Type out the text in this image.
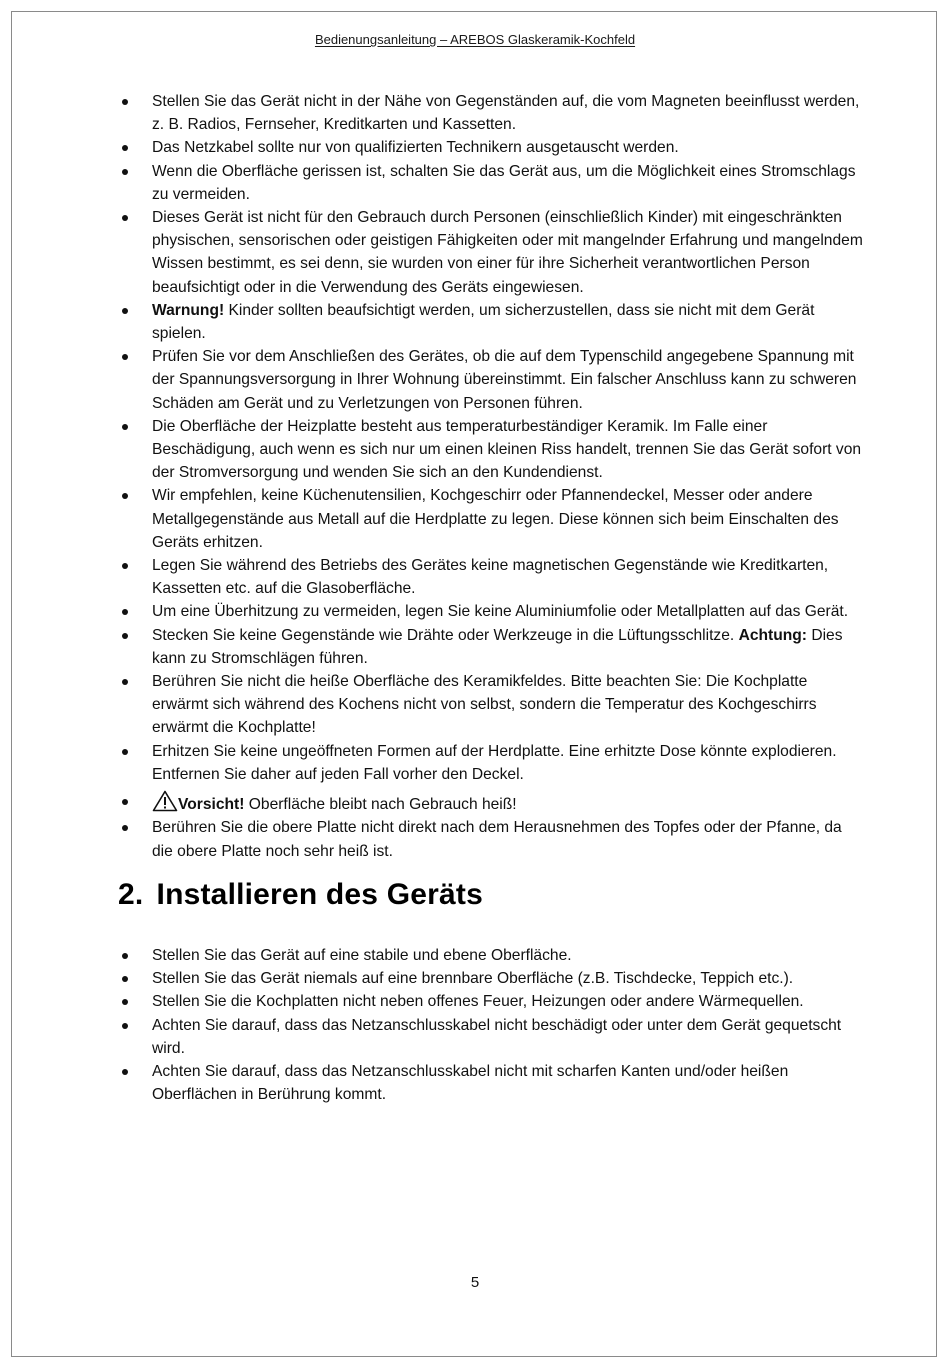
Bedienungsanleitung – AREBOS Glaskeramik-Kochfeld
Stellen Sie das Gerät nicht in der Nähe von Gegenständen auf, die vom Magneten beeinflusst werden, z. B. Radios, Fernseher, Kreditkarten und Kassetten.
Das Netzkabel sollte nur von qualifizierten Technikern ausgetauscht werden.
Wenn die Oberfläche gerissen ist, schalten Sie das Gerät aus, um die Möglichkeit eines Stromschlags zu vermeiden.
Dieses Gerät ist nicht für den Gebrauch durch Personen (einschließlich Kinder) mit eingeschränkten physischen, sensorischen oder geistigen Fähigkeiten oder mit mangelnder Erfahrung und mangelndem Wissen bestimmt, es sei denn, sie wurden von einer für ihre Sicherheit verantwortlichen Person beaufsichtigt oder in die Verwendung des Geräts eingewiesen.
Warnung! Kinder sollten beaufsichtigt werden, um sicherzustellen, dass sie nicht mit dem Gerät spielen.
Prüfen Sie vor dem Anschließen des Gerätes, ob die auf dem Typenschild angegebene Spannung mit der Spannungsversorgung in Ihrer Wohnung übereinstimmt. Ein falscher Anschluss kann zu schweren Schäden am Gerät und zu Verletzungen von Personen führen.
Die Oberfläche der Heizplatte besteht aus temperaturbeständiger Keramik. Im Falle einer Beschädigung, auch wenn es sich nur um einen kleinen Riss handelt, trennen Sie das Gerät sofort von der Stromversorgung und wenden Sie sich an den Kundendienst.
Wir empfehlen, keine Küchenutensilien, Kochgeschirr oder Pfannendeckel, Messer oder andere Metallgegenstände aus Metall auf die Herdplatte zu legen. Diese können sich beim Einschalten des Geräts erhitzen.
Legen Sie während des Betriebs des Gerätes keine magnetischen Gegenstände wie Kreditkarten, Kassetten etc. auf die Glasoberfläche.
Um eine Überhitzung zu vermeiden, legen Sie keine Aluminiumfolie oder Metallplatten auf das Gerät.
Stecken Sie keine Gegenstände wie Drähte oder Werkzeuge in die Lüftungsschlitze. Achtung: Dies kann zu Stromschlägen führen.
Berühren Sie nicht die heiße Oberfläche des Keramikfeldes. Bitte beachten Sie: Die Kochplatte erwärmt sich während des Kochens nicht von selbst, sondern die Temperatur des Kochgeschirrs erwärmt die Kochplatte!
Erhitzen Sie keine ungeöffneten Formen auf der Herdplatte. Eine erhitzte Dose könnte explodieren. Entfernen Sie daher auf jeden Fall vorher den Deckel.
Vorsicht! Oberfläche bleibt nach Gebrauch heiß!
Berühren Sie die obere Platte nicht direkt nach dem Herausnehmen des Topfes oder der Pfanne, da die obere Platte noch sehr heiß ist.
2. Installieren des Geräts
Stellen Sie das Gerät auf eine stabile und ebene Oberfläche.
Stellen Sie das Gerät niemals auf eine brennbare Oberfläche (z.B. Tischdecke, Teppich etc.).
Stellen Sie die Kochplatten nicht neben offenes Feuer, Heizungen oder andere Wärmequellen.
Achten Sie darauf, dass das Netzanschlusskabel nicht beschädigt oder unter dem Gerät gequetscht wird.
Achten Sie darauf, dass das Netzanschlusskabel nicht mit scharfen Kanten und/oder heißen Oberflächen in Berührung kommt.
5
